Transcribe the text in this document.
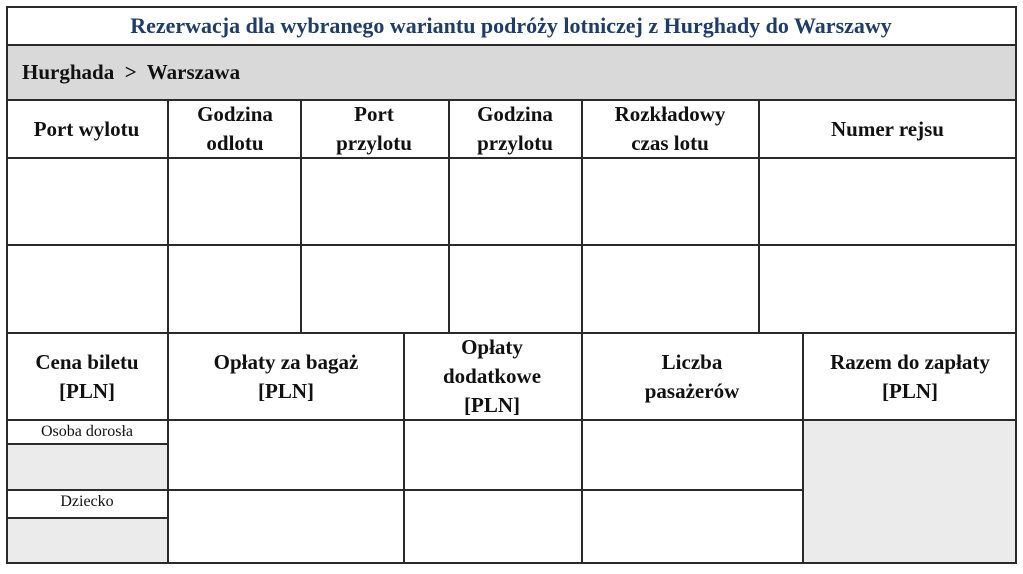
Rezerwacja dla wybranego wariantu podróży lotniczej z Hurghady do Warszawy
Hurghada  >  Warszawa
Port wylotu
Godzina odlotu
Port przylotu
Godzina przylotu
Rozkładowy czas lotu
Numer rejsu
Cena biletu [PLN]
Opłaty za bagaż [PLN]
Opłaty dodatkowe [PLN]
Liczba pasażerów
Razem do zapłaty [PLN]
Osoba dorosła
Dziecko
